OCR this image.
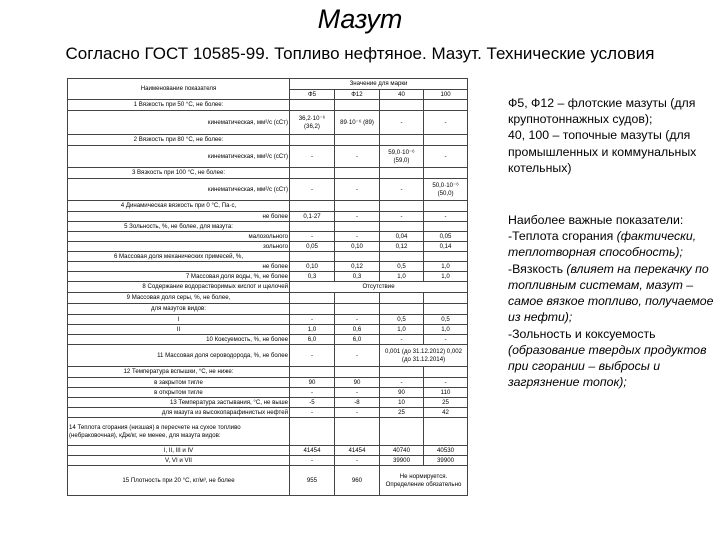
Мазут
Согласно ГОСТ 10585-99. Топливо нефтяное. Мазут. Технические условия
Наименование показателя	Значение для марки			
	Ф5	Ф12	40	100
1 Вязкость при 50 °С, не более:				
кинематическая, мм²/с (сСт)	36,2·10⁻⁶ (36,2)	89·10⁻⁶ (89)	-	-
2 Вязкость при 80 °С, не более:				
кинематическая, мм²/с (сСт)	-	-	59,0·10⁻⁶ (59,0)	-
3 Вязкость при 100 °С, не более:				
кинематическая, мм²/с (сСт)	-	-	-	50,0·10⁻⁶ (50,0)
4 Динамическая вязкость при 0 °С, Па·с,				
не более	0,1·27	-	-	-
5 Зольность, %, не более, для мазута:				
малозольного	-	-	0,04	0,05
зольного	0,05	0,10	0,12	0,14
6 Массовая доля механических примесей, %,				
не более	0,10	0,12	0,5	1,0
7 Массовая доля воды, %, не более	0,3	0,3	1,0	1,0
8 Содержание водорастворимых кислот и щелочей	Отсутствие			
9 Массовая доля серы, %, не более,				
для мазутов видов:				
I	-	-	0,5	0,5
II	1,0	0,6	1,0	1,0
10 Коксуемость, %, не более	6,0	6,0	-	-
11 Массовая доля сероводорода, %, не более	-	-	0,001 (до 31.12.2012) 0,002 (до 31.12.2014)	
12 Температура вспышки, °С, не ниже:				
в закрытом тигле	90	90	-	-
в открытом тигле	-	-	90	110
13 Температура застывания, °С, не выше	-5	-8	10	25
для мазута из высокопарафинистых нефтей	-	-	25	42
14 Теплота сгорания (низшая) в пересчете на сухое топливо (небраковочная), кДж/кг, не менее, для мазута видов:				
I, II, III и IV	41454	41454	40740	40530
V, VI и VII	-	-	39900	39900
15 Плотность при 20 °С, кг/м³, не более	955	960	Не нормируется. Определение обязательно	

Ф5, Ф12 – флотские мазуты (для крупнотоннажных судов);

40, 100 – топочные мазуты (для промышленных и коммунальных котельных)

Наиболее важные показатели:

-Теплота сгорания (фактически, теплотворная способность);

-Вязкость (влияет на перекачку по топливным системам, мазут – самое вязкое топливо, получаемое из нефти);

-Зольность и коксуемость (образование твердых продуктов при сгорании – выбросы и загрязнение топок);
